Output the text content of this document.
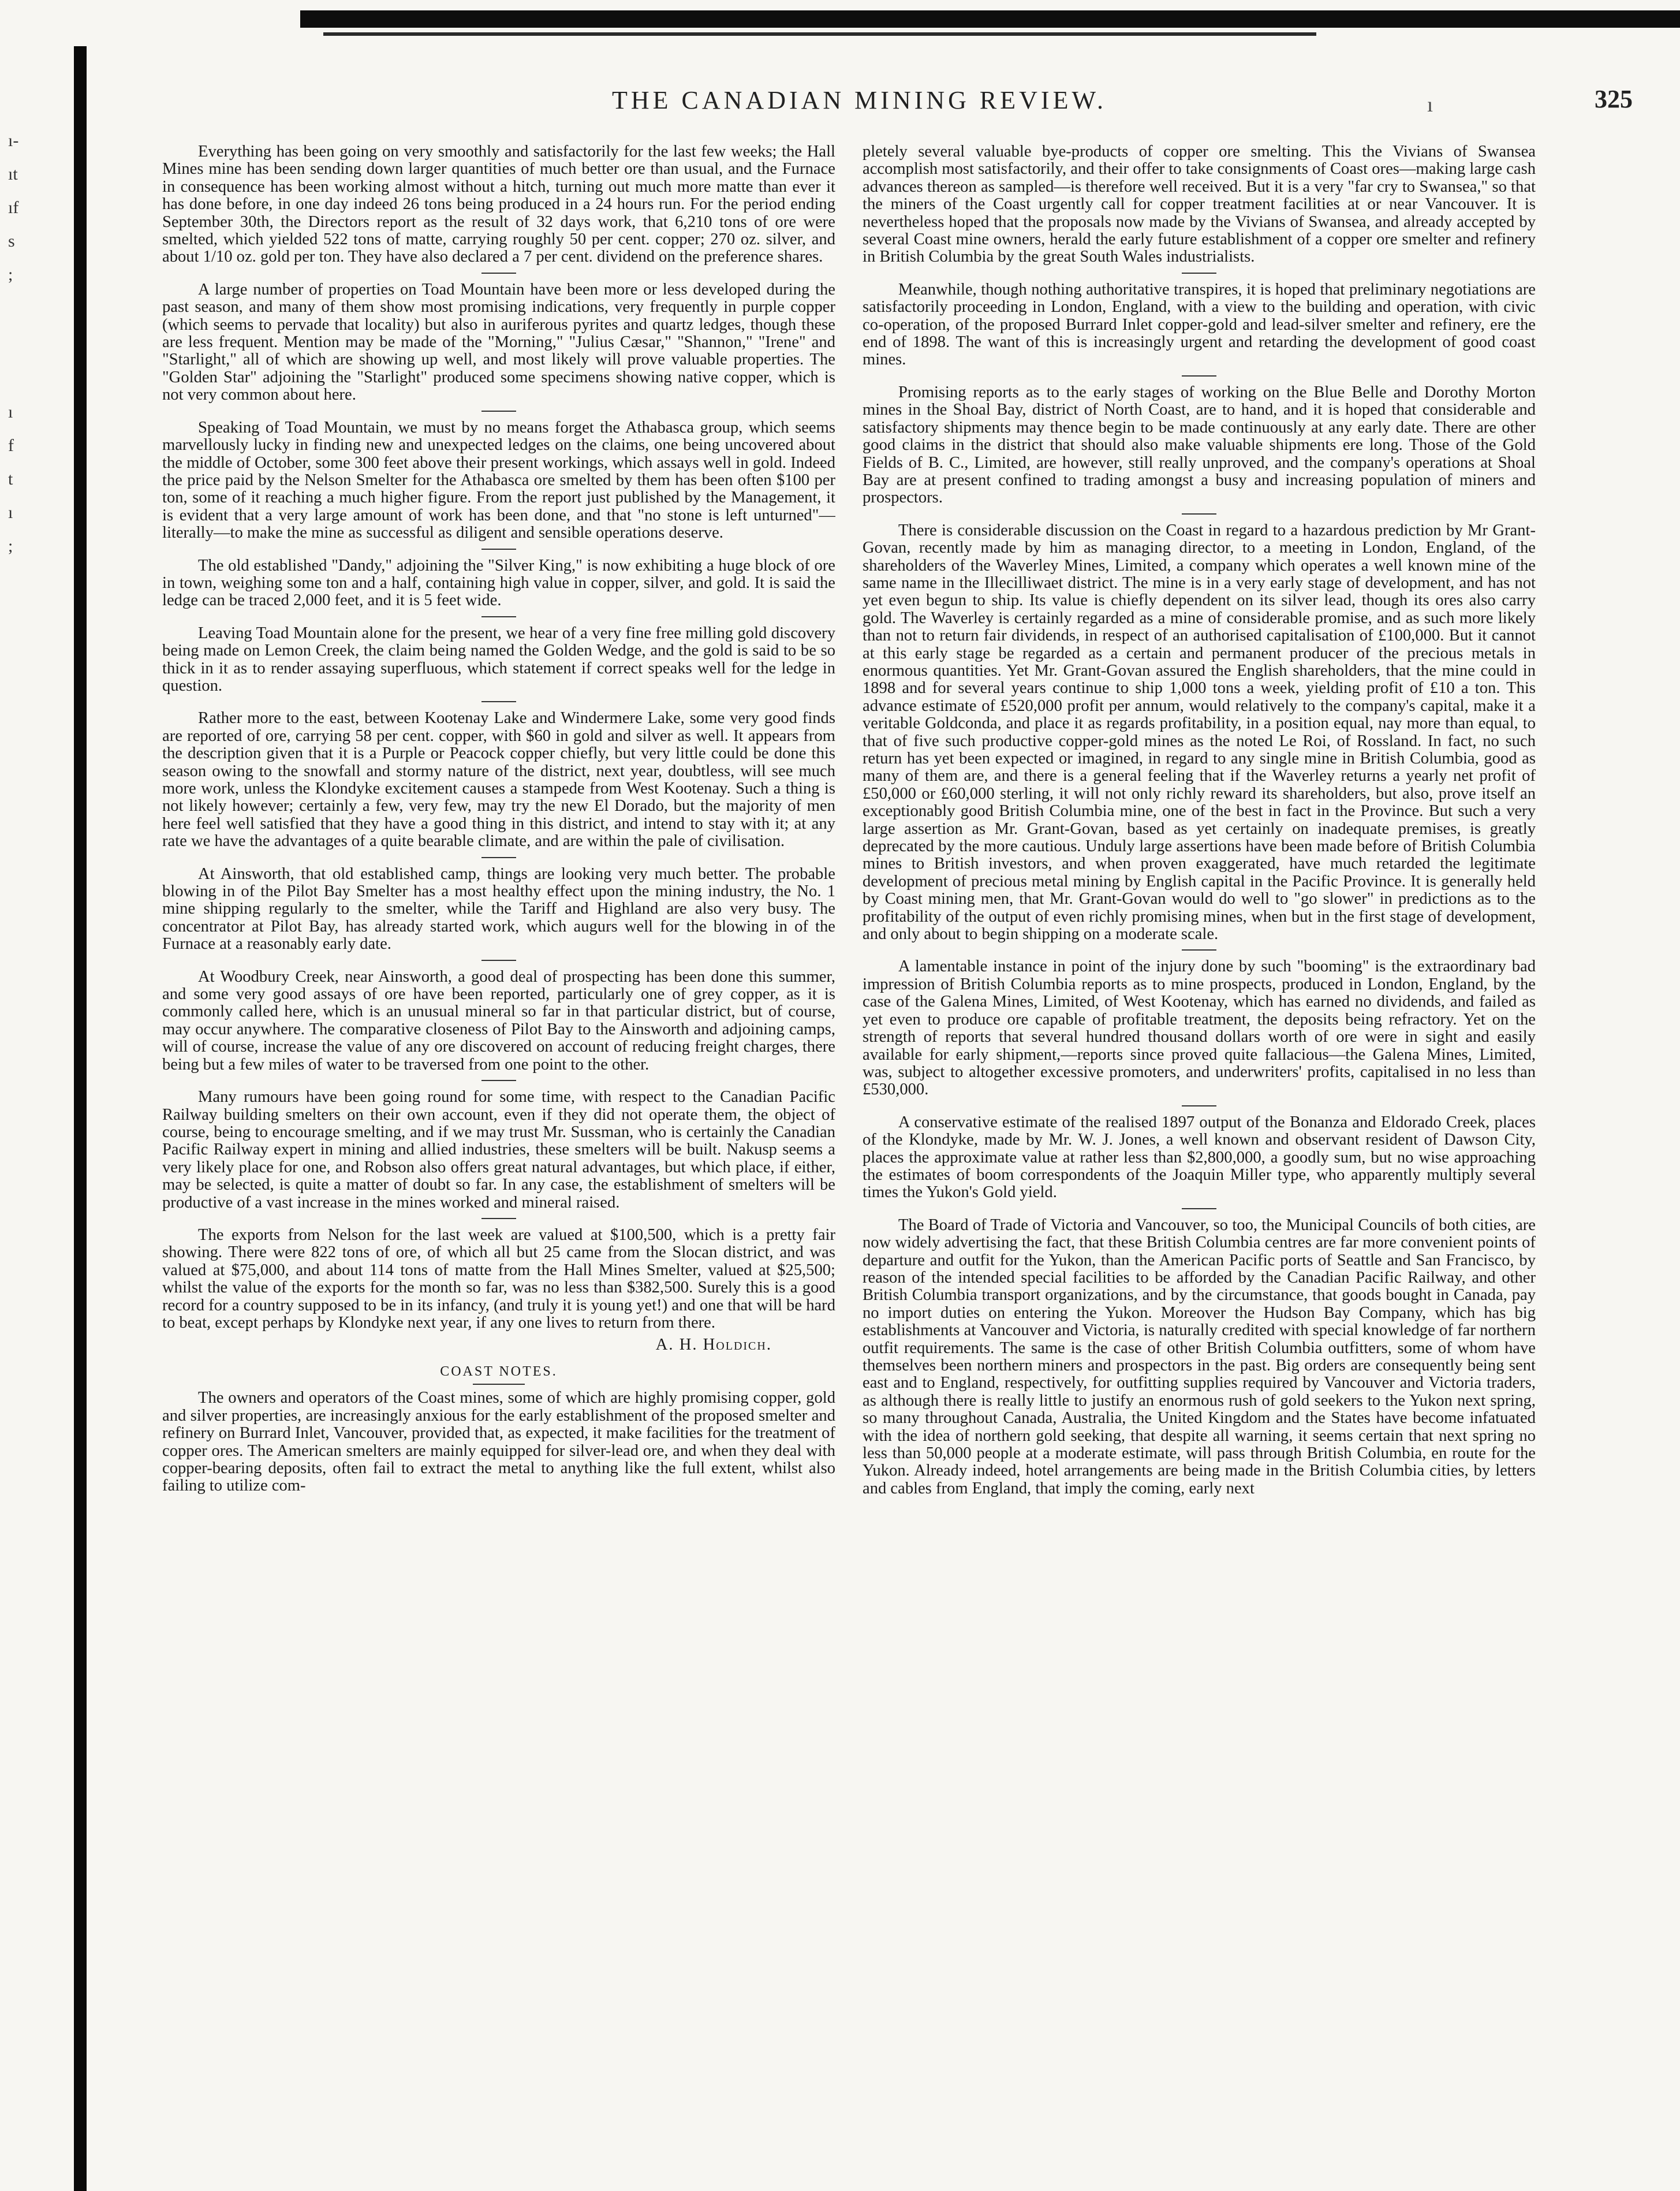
ı-
ıt
ıf
s
;
ı
f
t
ı
;
THE CANADIAN MINING REVIEW.	ı	325

Everything has been going on very smoothly and satisfactorily for the last few weeks; the Hall Mines mine has been sending down larger quantities of much better ore than usual, and the Furnace in consequence has been working almost without a hitch, turning out much more matte than ever it has done before, in one day indeed 26 tons being produced in a 24 hours run. For the period ending September 30th, the Directors report as the result of 32 days work, that 6,210 tons of ore were smelted, which yielded 522 tons of matte, carrying roughly 50 per cent. copper; 270 oz. silver, and about 1/10 oz. gold per ton. They have also declared a 7 per cent. dividend on the preference shares.

A large number of properties on Toad Mountain have been more or less developed during the past season, and many of them show most promising indications, very frequently in purple copper (which seems to pervade that locality) but also in auriferous pyrites and quartz ledges, though these are less frequent. Mention may be made of the "Morning," "Julius Cæsar," "Shannon," "Irene" and "Starlight," all of which are showing up well, and most likely will prove valuable properties. The "Golden Star" adjoining the "Starlight" produced some specimens showing native copper, which is not very common about here.

Speaking of Toad Mountain, we must by no means forget the Athabasca group, which seems marvellously lucky in finding new and unexpected ledges on the claims, one being uncovered about the middle of October, some 300 feet above their present workings, which assays well in gold. Indeed the price paid by the Nelson Smelter for the Athabasca ore smelted by them has been often $100 per ton, some of it reaching a much higher figure. From the report just published by the Management, it is evident that a very large amount of work has been done, and that "no stone is left unturned"—literally—to make the mine as successful as diligent and sensible operations deserve.

The old established "Dandy," adjoining the "Silver King," is now exhibiting a huge block of ore in town, weighing some ton and a half, containing high value in copper, silver, and gold. It is said the ledge can be traced 2,000 feet, and it is 5 feet wide.

Leaving Toad Mountain alone for the present, we hear of a very fine free milling gold discovery being made on Lemon Creek, the claim being named the Golden Wedge, and the gold is said to be so thick in it as to render assaying superfluous, which statement if correct speaks well for the ledge in question.

Rather more to the east, between Kootenay Lake and Windermere Lake, some very good finds are reported of ore, carrying 58 per cent. copper, with $60 in gold and silver as well. It appears from the description given that it is a Purple or Peacock copper chiefly, but very little could be done this season owing to the snowfall and stormy nature of the district, next year, doubtless, will see much more work, unless the Klondyke excitement causes a stampede from West Kootenay. Such a thing is not likely however; certainly a few, very few, may try the new El Dorado, but the majority of men here feel well satisfied that they have a good thing in this district, and intend to stay with it; at any rate we have the advantages of a quite bearable climate, and are within the pale of civilisation.

At Ainsworth, that old established camp, things are looking very much better. The probable blowing in of the Pilot Bay Smelter has a most healthy effect upon the mining industry, the No. 1 mine shipping regularly to the smelter, while the Tariff and Highland are also very busy. The concentrator at Pilot Bay, has already started work, which augurs well for the blowing in of the Furnace at a reasonably early date.

At Woodbury Creek, near Ainsworth, a good deal of prospecting has been done this summer, and some very good assays of ore have been reported, particularly one of grey copper, as it is commonly called here, which is an unusual mineral so far in that particular district, but of course, may occur anywhere. The comparative closeness of Pilot Bay to the Ainsworth and adjoining camps, will of course, increase the value of any ore discovered on account of reducing freight charges, there being but a few miles of water to be traversed from one point to the other.

Many rumours have been going round for some time, with respect to the Canadian Pacific Railway building smelters on their own account, even if they did not operate them, the object of course, being to encourage smelting, and if we may trust Mr. Sussman, who is certainly the Canadian Pacific Railway expert in mining and allied industries, these smelters will be built. Nakusp seems a very likely place for one, and Robson also offers great natural advantages, but which place, if either, may be selected, is quite a matter of doubt so far. In any case, the establishment of smelters will be productive of a vast increase in the mines worked and mineral raised.

The exports from Nelson for the last week are valued at $100,500, which is a pretty fair showing. There were 822 tons of ore, of which all but 25 came from the Slocan district, and was valued at $75,000, and about 114 tons of matte from the Hall Mines Smelter, valued at $25,500; whilst the value of the exports for the month so far, was no less than $382,500. Surely this is a good record for a country supposed to be in its infancy, (and truly it is young yet!) and one that will be hard to beat, except perhaps by Klondyke next year, if any one lives to return from there.

A. H. Holdich.

COAST NOTES.

The owners and operators of the Coast mines, some of which are highly promising copper, gold and silver properties, are increasingly anxious for the early establishment of the proposed smelter and refinery on Burrard Inlet, Vancouver, provided that, as expected, it make facilities for the treatment of copper ores. The American smelters are mainly equipped for silver-lead ore, and when they deal with copper-bearing deposits, often fail to extract the metal to anything like the full extent, whilst also failing to utilize com-

pletely several valuable bye-products of copper ore smelting. This the Vivians of Swansea accomplish most satisfactorily, and their offer to take consignments of Coast ores—making large cash advances thereon as sampled—is therefore well received. But it is a very "far cry to Swansea," so that the miners of the Coast urgently call for copper treatment facilities at or near Vancouver. It is nevertheless hoped that the proposals now made by the Vivians of Swansea, and already accepted by several Coast mine owners, herald the early future establishment of a copper ore smelter and refinery in British Columbia by the great South Wales industrialists.

Meanwhile, though nothing authoritative transpires, it is hoped that preliminary negotiations are satisfactorily proceeding in London, England, with a view to the building and operation, with civic co-operation, of the proposed Burrard Inlet copper-gold and lead-silver smelter and refinery, ere the end of 1898. The want of this is increasingly urgent and retarding the development of good coast mines.

Promising reports as to the early stages of working on the Blue Belle and Dorothy Morton mines in the Shoal Bay, district of North Coast, are to hand, and it is hoped that considerable and satisfactory shipments may thence begin to be made continuously at any early date. There are other good claims in the district that should also make valuable shipments ere long. Those of the Gold Fields of B. C., Limited, are however, still really unproved, and the company's operations at Shoal Bay are at present confined to trading amongst a busy and increasing population of miners and prospectors.

There is considerable discussion on the Coast in regard to a hazardous prediction by Mr Grant-Govan, recently made by him as managing director, to a meeting in London, England, of the shareholders of the Waverley Mines, Limited, a company which operates a well known mine of the same name in the Illecilliwaet district. The mine is in a very early stage of development, and has not yet even begun to ship. Its value is chiefly dependent on its silver lead, though its ores also carry gold. The Waverley is certainly regarded as a mine of considerable promise, and as such more likely than not to return fair dividends, in respect of an authorised capitalisation of £100,000. But it cannot at this early stage be regarded as a certain and permanent producer of the precious metals in enormous quantities. Yet Mr. Grant-Govan assured the English shareholders, that the mine could in 1898 and for several years continue to ship 1,000 tons a week, yielding profit of £10 a ton. This advance estimate of £520,000 profit per annum, would relatively to the company's capital, make it a veritable Goldconda, and place it as regards profitability, in a position equal, nay more than equal, to that of five such productive copper-gold mines as the noted Le Roi, of Rossland. In fact, no such return has yet been expected or imagined, in regard to any single mine in British Columbia, good as many of them are, and there is a general feeling that if the Waverley returns a yearly net profit of £50,000 or £60,000 sterling, it will not only richly reward its shareholders, but also, prove itself an exceptionably good British Columbia mine, one of the best in fact in the Province. But such a very large assertion as Mr. Grant-Govan, based as yet certainly on inadequate premises, is greatly deprecated by the more cautious. Unduly large assertions have been made before of British Columbia mines to British investors, and when proven exaggerated, have much retarded the legitimate development of precious metal mining by English capital in the Pacific Province. It is generally held by Coast mining men, that Mr. Grant-Govan would do well to "go slower" in predictions as to the profitability of the output of even richly promising mines, when but in the first stage of development, and only about to begin shipping on a moderate scale.

A lamentable instance in point of the injury done by such "booming" is the extraordinary bad impression of British Columbia reports as to mine prospects, produced in London, England, by the case of the Galena Mines, Limited, of West Kootenay, which has earned no dividends, and failed as yet even to produce ore capable of profitable treatment, the deposits being refractory. Yet on the strength of reports that several hundred thousand dollars worth of ore were in sight and easily available for early shipment,—reports since proved quite fallacious—the Galena Mines, Limited, was, subject to altogether excessive promoters, and underwriters' profits, capitalised in no less than £530,000.

A conservative estimate of the realised 1897 output of the Bonanza and Eldorado Creek, places of the Klondyke, made by Mr. W. J. Jones, a well known and observant resident of Dawson City, places the approximate value at rather less than $2,800,000, a goodly sum, but no wise approaching the estimates of boom correspondents of the Joaquin Miller type, who apparently multiply several times the Yukon's Gold yield.

The Board of Trade of Victoria and Vancouver, so too, the Municipal Councils of both cities, are now widely advertising the fact, that these British Columbia centres are far more convenient points of departure and outfit for the Yukon, than the American Pacific ports of Seattle and San Francisco, by reason of the intended special facilities to be afforded by the Canadian Pacific Railway, and other British Columbia transport organizations, and by the circumstance, that goods bought in Canada, pay no import duties on entering the Yukon. Moreover the Hudson Bay Company, which has big establishments at Vancouver and Victoria, is naturally credited with special knowledge of far northern outfit requirements. The same is the case of other British Columbia outfitters, some of whom have themselves been northern miners and prospectors in the past. Big orders are consequently being sent east and to England, respectively, for outfitting supplies required by Vancouver and Victoria traders, as although there is really little to justify an enormous rush of gold seekers to the Yukon next spring, so many throughout Canada, Australia, the United Kingdom and the States have become infatuated with the idea of northern gold seeking, that despite all warning, it seems certain that next spring no less than 50,000 people at a moderate estimate, will pass through British Columbia, en route for the Yukon. Already indeed, hotel arrangements are being made in the British Columbia cities, by letters and cables from England, that imply the coming, early next
